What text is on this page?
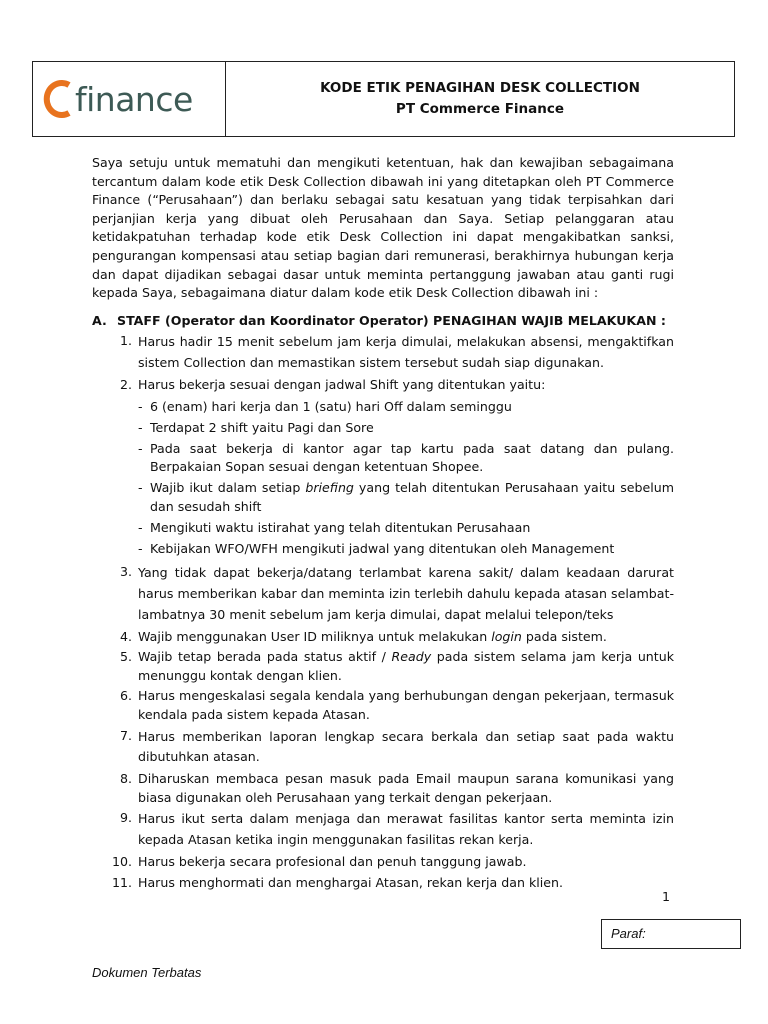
finance	KODE ETIK PENAGIHAN DESK COLLECTION
PT Commerce Finance

Saya setuju untuk mematuhi dan mengikuti ketentuan, hak dan kewajiban sebagaimana tercantum dalam kode etik Desk Collection dibawah ini yang ditetapkan oleh PT Commerce Finance (“Perusahaan”) dan berlaku sebagai satu kesatuan yang tidak terpisahkan dari perjanjian kerja yang dibuat oleh Perusahaan dan Saya. Setiap pelanggaran atau ketidakpatuhan terhadap kode etik Desk Collection ini dapat mengakibatkan sanksi, pengurangan kompensasi atau setiap bagian dari remunerasi, berakhirnya hubungan kerja dan dapat dijadikan sebagai dasar untuk meminta pertanggung jawaban atau ganti rugi kepada Saya, sebagaimana diatur dalam kode etik Desk Collection dibawah ini :

A. STAFF (Operator dan Koordinator Operator) PENAGIHAN WAJIB MELAKUKAN :
1. Harus hadir 15 menit sebelum jam kerja dimulai, melakukan absensi, mengaktifkan sistem Collection dan memastikan sistem tersebut sudah siap digunakan.
2. Harus bekerja sesuai dengan jadwal Shift yang ditentukan yaitu:
- 6 (enam) hari kerja dan 1 (satu) hari Off dalam seminggu
- Terdapat 2 shift yaitu Pagi dan Sore
- Pada saat bekerja di kantor agar tap kartu pada saat datang dan pulang. Berpakaian Sopan sesuai dengan ketentuan Shopee.
- Wajib ikut dalam setiap briefing yang telah ditentukan Perusahaan yaitu sebelum dan sesudah shift
- Mengikuti waktu istirahat yang telah ditentukan Perusahaan
- Kebijakan WFO/WFH mengikuti jadwal yang ditentukan oleh Management
3. Yang tidak dapat bekerja/datang terlambat karena sakit/ dalam keadaan darurat harus memberikan kabar dan meminta izin terlebih dahulu kepada atasan selambat-lambatnya 30 menit sebelum jam kerja dimulai, dapat melalui telepon/teks
4. Wajib menggunakan User ID miliknya untuk melakukan login pada sistem.
5. Wajib tetap berada pada status aktif / Ready pada sistem selama jam kerja untuk menunggu kontak dengan klien.
6. Harus mengeskalasi segala kendala yang berhubungan dengan pekerjaan, termasuk kendala pada sistem kepada Atasan.
7. Harus memberikan laporan lengkap secara berkala dan setiap saat pada waktu dibutuhkan atasan.
8. Diharuskan membaca pesan masuk pada Email maupun sarana komunikasi yang biasa digunakan oleh Perusahaan yang terkait dengan pekerjaan.
9. Harus ikut serta dalam menjaga dan merawat fasilitas kantor serta meminta izin kepada Atasan ketika ingin menggunakan fasilitas rekan kerja.
10. Harus bekerja secara profesional dan penuh tanggung jawab.
11. Harus menghormati dan menghargai Atasan, rekan kerja dan klien.
1
Paraf:
Dokumen Terbatas
